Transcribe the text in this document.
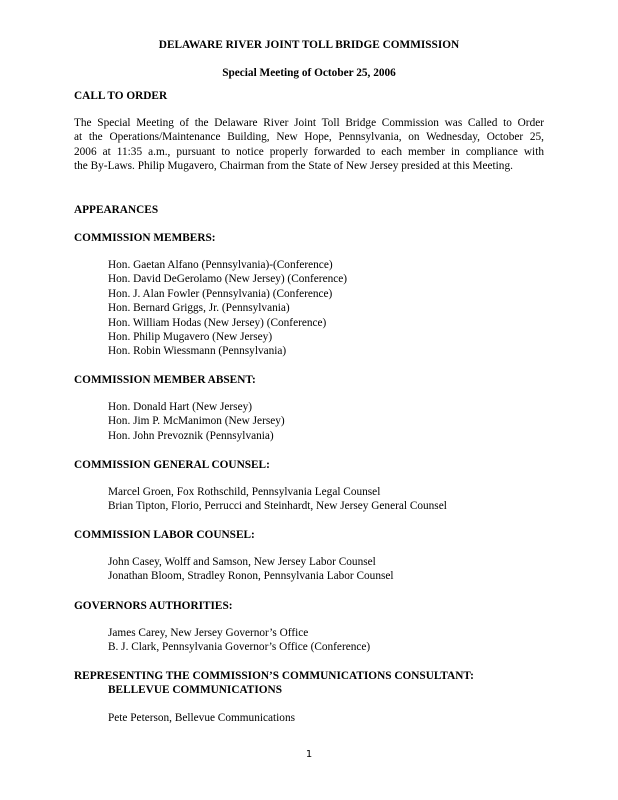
DELAWARE RIVER JOINT TOLL BRIDGE COMMISSION
Special Meeting of October 25, 2006
CALL TO ORDER
The Special Meeting of the Delaware River Joint Toll Bridge Commission was Called to Order
at the Operations/Maintenance Building, New Hope, Pennsylvania, on Wednesday, October 25,
2006 at 11:35 a.m., pursuant to notice properly forwarded to each member in compliance with
the By-Laws. Philip Mugavero, Chairman from the State of New Jersey presided at this Meeting.
APPEARANCES
COMMISSION MEMBERS:
Hon. Gaetan Alfano (Pennsylvania)-(Conference)
Hon. David DeGerolamo (New Jersey) (Conference)
Hon. J. Alan Fowler (Pennsylvania) (Conference)
Hon. Bernard Griggs, Jr. (Pennsylvania)
Hon. William Hodas (New Jersey) (Conference)
Hon. Philip Mugavero (New Jersey)
Hon. Robin Wiessmann (Pennsylvania)
COMMISSION MEMBER ABSENT:
Hon. Donald Hart (New Jersey)
Hon. Jim P. McManimon (New Jersey)
Hon. John Prevoznik (Pennsylvania)
COMMISSION GENERAL COUNSEL:
Marcel Groen, Fox Rothschild, Pennsylvania Legal Counsel
Brian Tipton, Florio, Perrucci and Steinhardt, New Jersey General Counsel
COMMISSION LABOR COUNSEL:
John Casey, Wolff and Samson, New Jersey Labor Counsel
Jonathan Bloom, Stradley Ronon, Pennsylvania Labor Counsel
GOVERNORS AUTHORITIES:
James Carey, New Jersey Governor’s Office
B. J. Clark, Pennsylvania Governor’s Office (Conference)
REPRESENTING THE COMMISSION’S COMMUNICATIONS CONSULTANT:
BELLEVUE COMMUNICATIONS
Pete Peterson, Bellevue Communications
1
